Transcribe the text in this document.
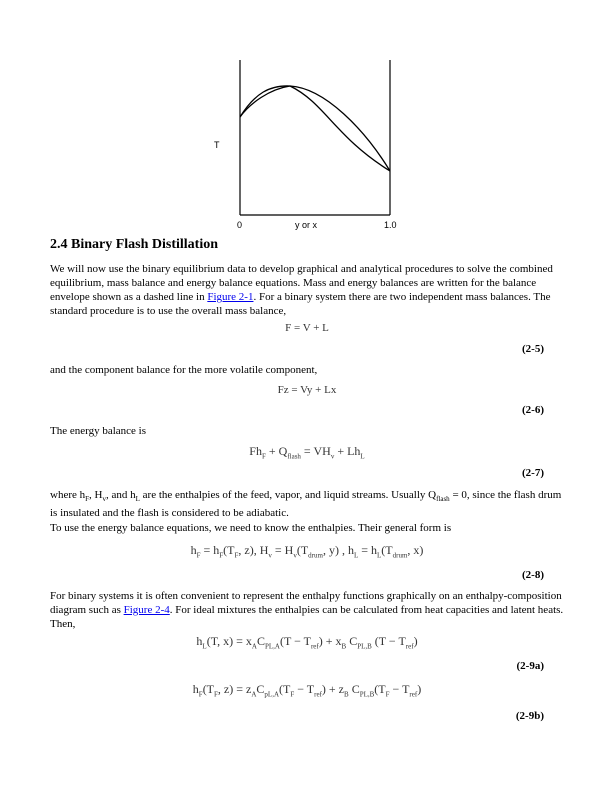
T
0	y or x	1.0
2.4 Binary Flash Distillation

We will now use the binary equilibrium data to develop graphical and analytical procedures to solve the combined equilibrium, mass balance and energy balance equations. Mass and energy balances are written for the balance envelope shown as a dashed line in Figure 2-1. For a binary system there are two independent mass balances. The standard procedure is to use the overall mass balance,

F = V + L
(2-5)

and the component balance for the more volatile component,

Fz = Vy + Lx
(2-6)

The energy balance is

$Fh_F + Q_{flash} = VH_v + Lh_L$
(2-7)

where $h_F$, $H_v$, and $h_L$ are the enthalpies of the feed, vapor, and liquid streams. Usually $Q_{flash} = 0$, since the flash drum is insulated and the flash is considered to be adiabatic.

To use the energy balance equations, we need to know the enthalpies. Their general form is

$h_F = h_F(T_F$, z), $H_v = H_v(T_{drum}$, y) , $h_L = h_L(T_{drum}$, x)
(2-8)

For binary systems it is often convenient to represent the enthalpy functions graphically on an enthalpy-composition diagram such as Figure 2-4. For ideal mixtures the enthalpies can be calculated from heat capacities and latent heats. Then,

$h_L(T$, $x) = x_AC_{PL,A}(T - T_{ref}) + x_B$ $C_{PL,B}$ $(T - T_{ref})$
(2-9a)
$h_F(T_F$, $z) = z_AC_{pL,A}(T_F - T_{ref}) + z_B$ $C_{PL,B}(T_F - T_{ref})$
(2-9b)
